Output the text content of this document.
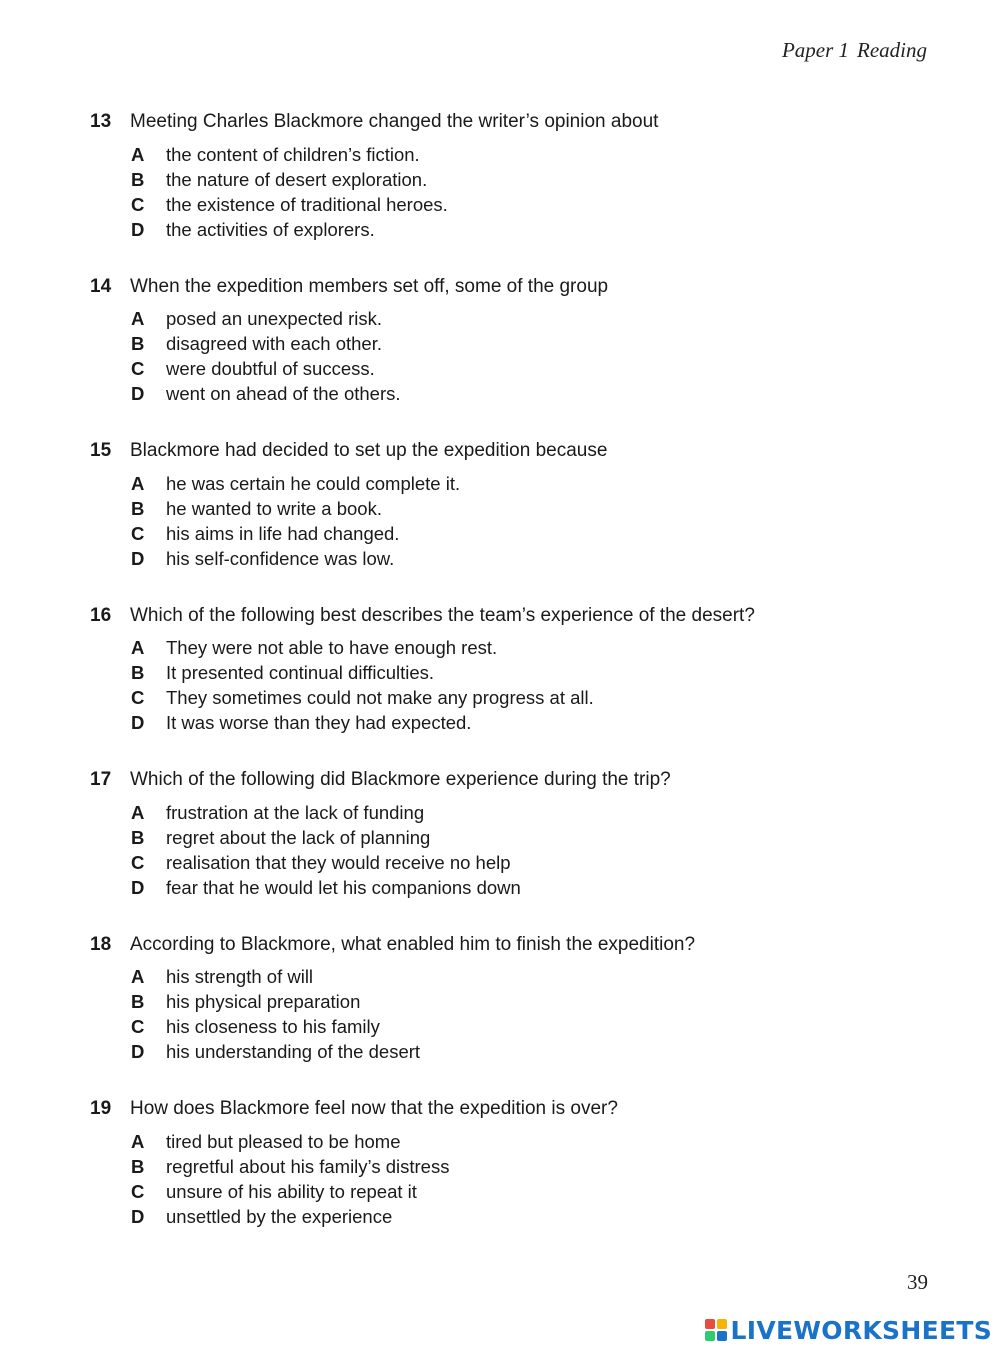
Paper 1 Reading
13 Meeting Charles Blackmore changed the writer’s opinion about
A	the content of children’s fiction.
B	the nature of desert exploration.
C	the existence of traditional heroes.
D	the activities of explorers.
14 When the expedition members set off, some of the group
A	posed an unexpected risk.
B	disagreed with each other.
C	were doubtful of success.
D	went on ahead of the others.
15 Blackmore had decided to set up the expedition because
A	he was certain he could complete it.
B	he wanted to write a book.
C	his aims in life had changed.
D	his self-confidence was low.
16 Which of the following best describes the team’s experience of the desert?
A	They were not able to have enough rest.
B	It presented continual difficulties.
C	They sometimes could not make any progress at all.
D	It was worse than they had expected.
17 Which of the following did Blackmore experience during the trip?
A	frustration at the lack of funding
B	regret about the lack of planning
C	realisation that they would receive no help
D	fear that he would let his companions down
18 According to Blackmore, what enabled him to finish the expedition?
A	his strength of will
B	his physical preparation
C	his closeness to his family
D	his understanding of the desert
19 How does Blackmore feel now that the expedition is over?
A	tired but pleased to be home
B	regretful about his family’s distress
C	unsure of his ability to repeat it
D	unsettled by the experience
39
LIVEWORKSHEETS
